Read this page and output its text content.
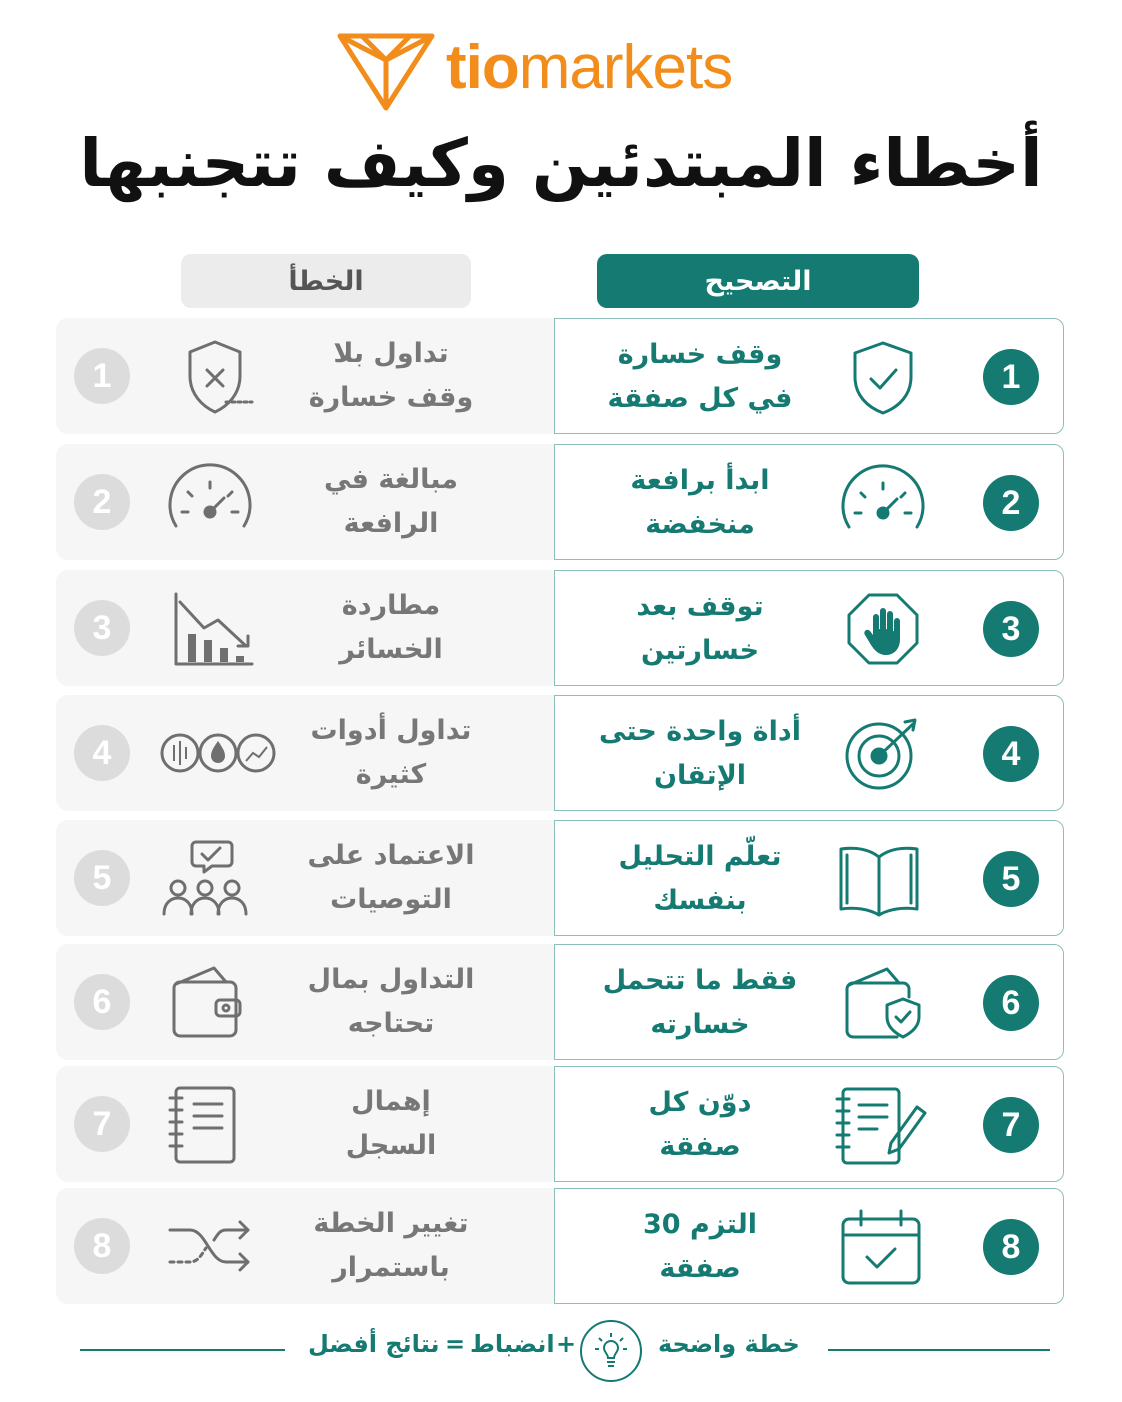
tiomarkets
أخطاء المبتدئين وكيف تتجنبها
الخطأ	التصحيح
1
تداول بلا
وقف خسارة
وقف خسارة
في كل صفقة
1
2
مبالغة في
الرافعة
ابدأ برافعة
منخفضة
2
3
مطاردة
الخسائر
توقف بعد
خسارتين
3
4
تداول أدوات
كثيرة
أداة واحدة حتى
الإتقان
4
5
الاعتماد على
التوصيات
تعلّم التحليل
بنفسك
5
6
التداول بمال
تحتاجه
فقط ما تتحمل
خسارته
6
7
إهمال
السجل
دوّن كل
صفقة
7
8
تغيير الخطة
باستمرار
التزم 30
صفقة
8
خطة واضحة
+
انضباط
=
نتائج أفضل
